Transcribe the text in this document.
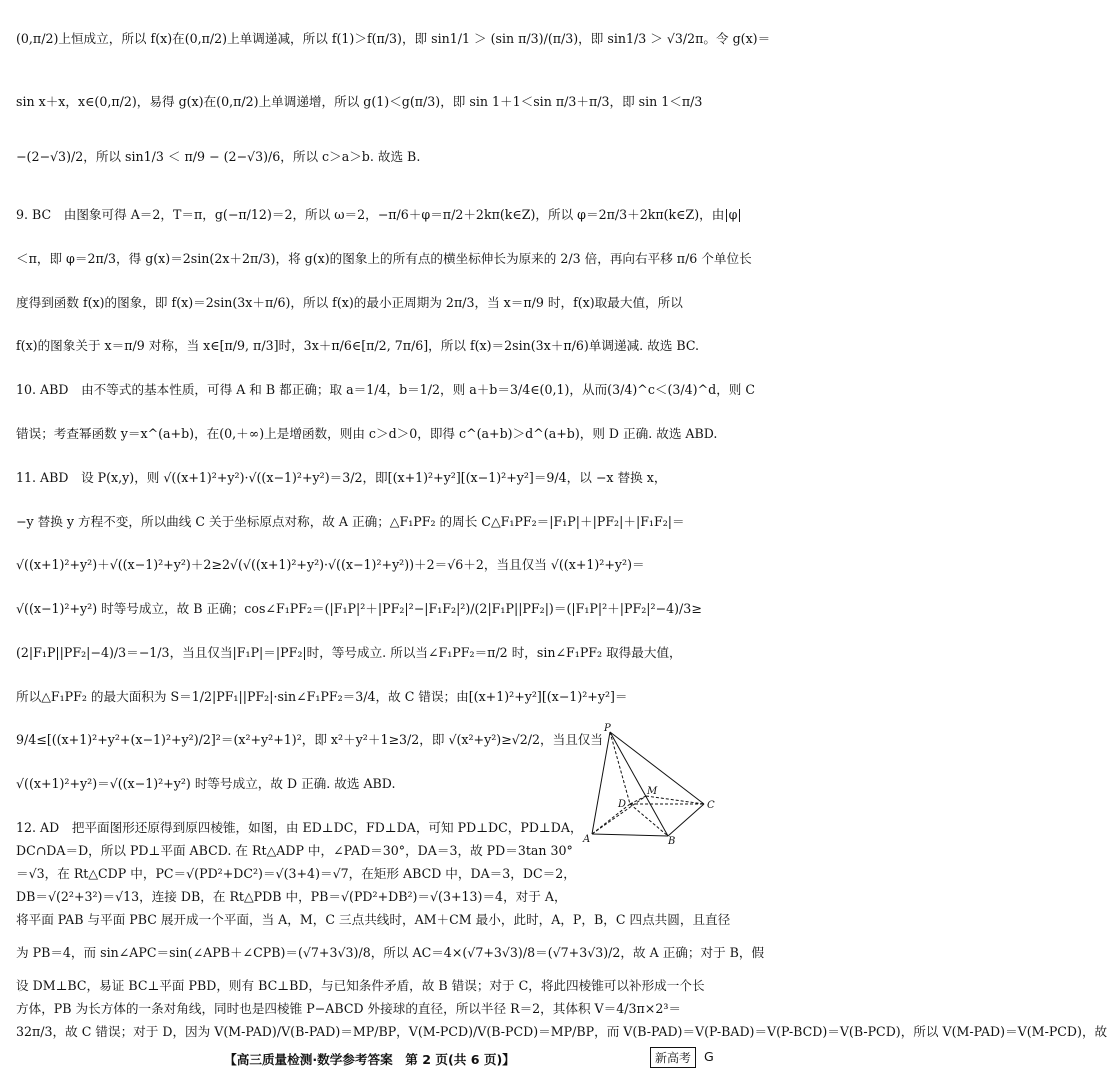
(0,π/2)上恒成立，所以 f(x)在(0,π/2)上单调递减，所以 f(1)＞f(π/3)，即 sin1/1 ＞ (sin π/3)/(π/3)，即 sin1/3 ＞ √3/2π。令 g(x)＝
sin x＋x，x∈(0,π/2)，易得 g(x)在(0,π/2)上单调递增，所以 g(1)＜g(π/3)，即 sin 1＋1＜sin π/3＋π/3，即 sin 1＜π/3
−(2−√3)/2，所以 sin1/3 ＜ π/9 − (2−√3)/6，所以 c＞a＞b. 故选 B.
9. BC　由图象可得 A＝2，T＝π，g(−π/12)＝2，所以 ω＝2，−π/6＋φ＝π/2＋2kπ(k∈Z)，所以 φ＝2π/3＋2kπ(k∈Z)，由|φ|
＜π，即 φ＝2π/3，得 g(x)＝2sin(2x＋2π/3)，将 g(x)的图象上的所有点的横坐标伸长为原来的 2/3 倍，再向右平移 π/6 个单位长
度得到函数 f(x)的图象，即 f(x)＝2sin(3x＋π/6)，所以 f(x)的最小正周期为 2π/3，当 x＝π/9 时，f(x)取最大值，所以
f(x)的图象关于 x＝π/9 对称，当 x∈[π/9, π/3]时，3x＋π/6∈[π/2, 7π/6]，所以 f(x)＝2sin(3x＋π/6)单调递减. 故选 BC.
10. ABD　由不等式的基本性质，可得 A 和 B 都正确；取 a＝1/4，b＝1/2，则 a＋b＝3/4∈(0,1)，从而(3/4)^c＜(3/4)^d，则 C
错误；考查幂函数 y＝x^(a+b)，在(0,＋∞)上是增函数，则由 c＞d＞0，即得 c^(a+b)＞d^(a+b)，则 D 正确. 故选 ABD.
11. ABD　设 P(x,y)，则 √((x+1)²+y²)·√((x−1)²+y²)＝3/2，即[(x+1)²+y²][(x−1)²+y²]＝9/4，以 −x 替换 x，
−y 替换 y 方程不变，所以曲线 C 关于坐标原点对称，故 A 正确；△F₁PF₂ 的周长 C△F₁PF₂＝|F₁P|＋|PF₂|＋|F₁F₂|＝
√((x+1)²+y²)＋√((x−1)²+y²)＋2≥2√(√((x+1)²+y²)·√((x−1)²+y²))＋2＝√6＋2，当且仅当 √((x+1)²+y²)＝
√((x−1)²+y²) 时等号成立，故 B 正确；cos∠F₁PF₂＝(|F₁P|²＋|PF₂|²−|F₁F₂|²)/(2|F₁P||PF₂|)＝(|F₁P|²＋|PF₂|²−4)/3≥
(2|F₁P||PF₂|−4)/3＝−1/3，当且仅当|F₁P|＝|PF₂|时，等号成立. 所以当∠F₁PF₂＝π/2 时，sin∠F₁PF₂ 取得最大值，
所以△F₁PF₂ 的最大面积为 S＝1/2|PF₁||PF₂|·sin∠F₁PF₂＝3/4，故 C 错误；由[(x+1)²+y²][(x−1)²+y²]＝
9/4≤[((x+1)²+y²+(x−1)²+y²)/2]²＝(x²+y²+1)²，即 x²＋y²＋1≥3/2，即 √(x²+y²)≥√2/2，当且仅当
√((x+1)²+y²)＝√((x−1)²+y²) 时等号成立，故 D 正确. 故选 ABD.
12. AD　把平面图形还原得到原四棱锥，如图，由 ED⊥DC，FD⊥DA，可知 PD⊥DC，PD⊥DA，
DC∩DA＝D，所以 PD⊥平面 ABCD. 在 Rt△ADP 中，∠PAD＝30°，DA＝3，故 PD＝3tan 30°
＝√3，在 Rt△CDP 中，PC＝√(PD²+DC²)＝√(3+4)＝√7，在矩形 ABCD 中，DA＝3，DC＝2，
DB＝√(2²+3²)＝√13，连接 DB，在 Rt△PDB 中，PB＝√(PD²+DB²)＝√(3+13)＝4，对于 A，
将平面 PAB 与平面 PBC 展开成一个平面，当 A，M，C 三点共线时，AM＋CM 最小，此时，A，P，B，C 四点共圆，且直径
为 PB＝4，而 sin∠APC＝sin(∠APB＋∠CPB)＝(√7+3√3)/8，所以 AC＝4×(√7+3√3)/8＝(√7+3√3)/2，故 A 正确；对于 B，假
设 DM⊥BC，易证 BC⊥平面 PBD，则有 BC⊥BD，与已知条件矛盾，故 B 错误；对于 C，将此四棱锥可以补形成一个长
方体，PB 为长方体的一条对角线，同时也是四棱锥 P−ABCD 外接球的直径，所以半径 R＝2，其体积 V＝4/3π×2³＝
32π/3，故 C 错误；对于 D，因为 V(M-PAD)/V(B-PAD)＝MP/BP，V(M-PCD)/V(B-PCD)＝MP/BP，而 V(B-PAD)＝V(P-BAD)＝V(P-BCD)＝V(B-PCD)，所以 V(M-PAD)＝V(M-PCD)，故
P
D
M
A	B
C
【高三质量检测·数学参考答案　第 2 页(共 6 页)】	新高考	G
